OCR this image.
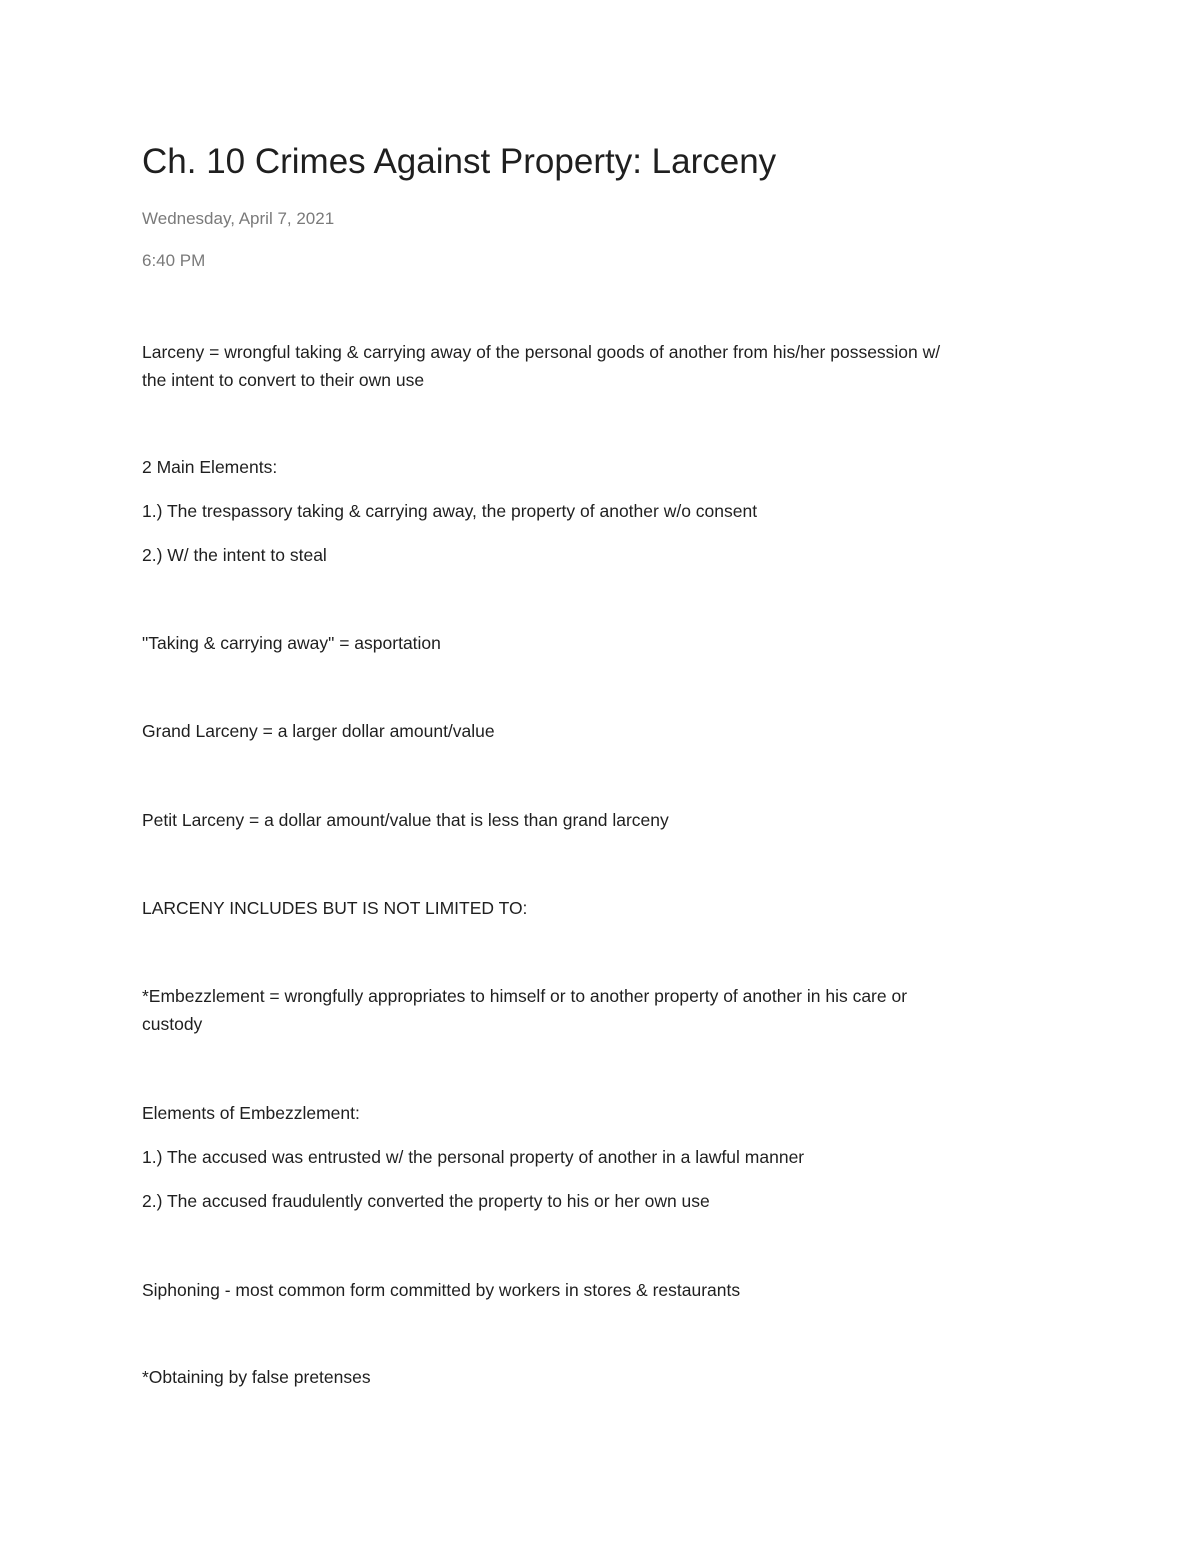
Ch. 10 Crimes Against Property: Larceny
Wednesday, April 7, 2021
6:40 PM
Larceny = wrongful taking & carrying away of the personal goods of another from his/her possession w/
the intent to convert to their own use
2 Main Elements:
1.) The trespassory taking & carrying away, the property of another w/o consent
2.) W/ the intent to steal
"Taking & carrying away" = asportation
Grand Larceny = a larger dollar amount/value
Petit Larceny = a dollar amount/value that is less than grand larceny
LARCENY INCLUDES BUT IS NOT LIMITED TO:
*Embezzlement = wrongfully appropriates to himself or to another property of another in his care or
custody
Elements of Embezzlement:
1.) The accused was entrusted w/ the personal property of another in a lawful manner
2.) The accused fraudulently converted the property to his or her own use
Siphoning - most common form committed by workers in stores & restaurants
*Obtaining by false pretenses
